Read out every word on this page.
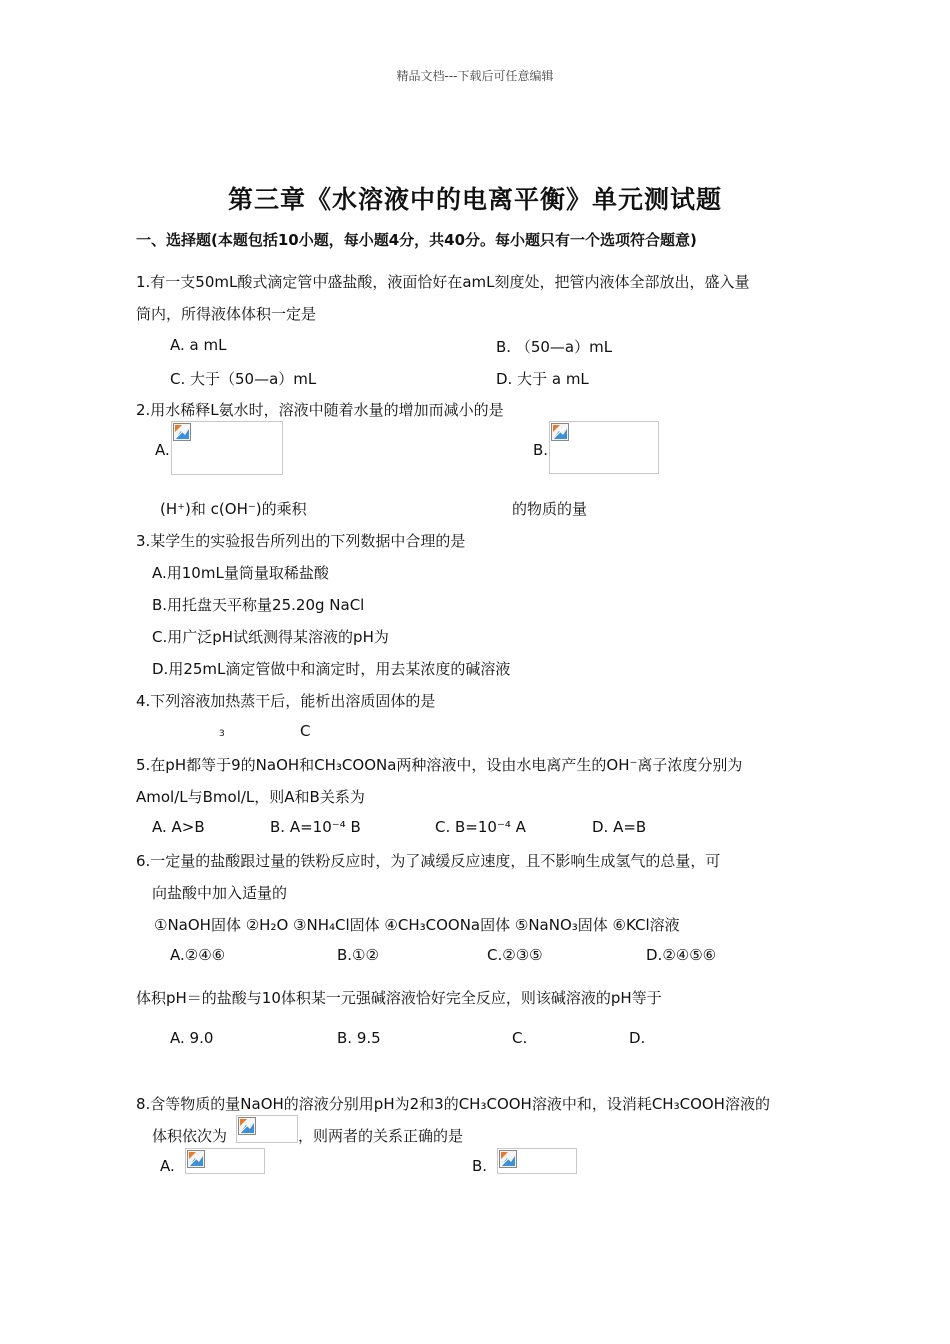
精品文档---下载后可任意编辑
第三章《水溶液中的电离平衡》单元测试题
一、选择题(本题包括10小题，每小题4分，共40分。每小题只有一个选项符合题意)
1.有一支50mL酸式滴定管中盛盐酸，液面恰好在amL刻度处，把管内液体全部放出，盛入量
筒内，所得液体体积一定是
A. a mL	B. （50—a）mL
C. 大于（50—a）mL	D. 大于 a mL
2.用水稀释L氨水时，溶液中随着水量的增加而减小的是
A.	B.
(H⁺)和 c(OH⁻)的乘积	的物质的量
3.某学生的实验报告所列出的下列数据中合理的是
A.用10mL量筒量取稀盐酸
B.用托盘天平称量25.20g NaCl
C.用广泛pH试纸测得某溶液的pH为
D.用25mL滴定管做中和滴定时，用去某浓度的碱溶液
4.下列溶液加热蒸干后，能析出溶质固体的是
3	C
5.在pH都等于9的NaOH和CH₃COONa两种溶液中，设由水电离产生的OH⁻离子浓度分别为
Amol/L与Bmol/L，则A和B关系为
A. A>B	B. A=10⁻⁴ B	C. B=10⁻⁴ A	D. A=B
6.一定量的盐酸跟过量的铁粉反应时，为了减缓反应速度，且不影响生成氢气的总量，可
向盐酸中加入适量的
①NaOH固体 ②H₂O ③NH₄Cl固体 ④CH₃COONa固体 ⑤NaNO₃固体 ⑥KCl溶液
A.②④⑥	B.①②	C.②③⑤	D.②④⑤⑥
体积pH＝的盐酸与10体积某一元强碱溶液恰好完全反应，则该碱溶液的pH等于
A. 9.0	B. 9.5	C.	D.
8.含等物质的量NaOH的溶液分别用pH为2和3的CH₃COOH溶液中和，设消耗CH₃COOH溶液的
体积依次为	，则两者的关系正确的是
A.	B.
